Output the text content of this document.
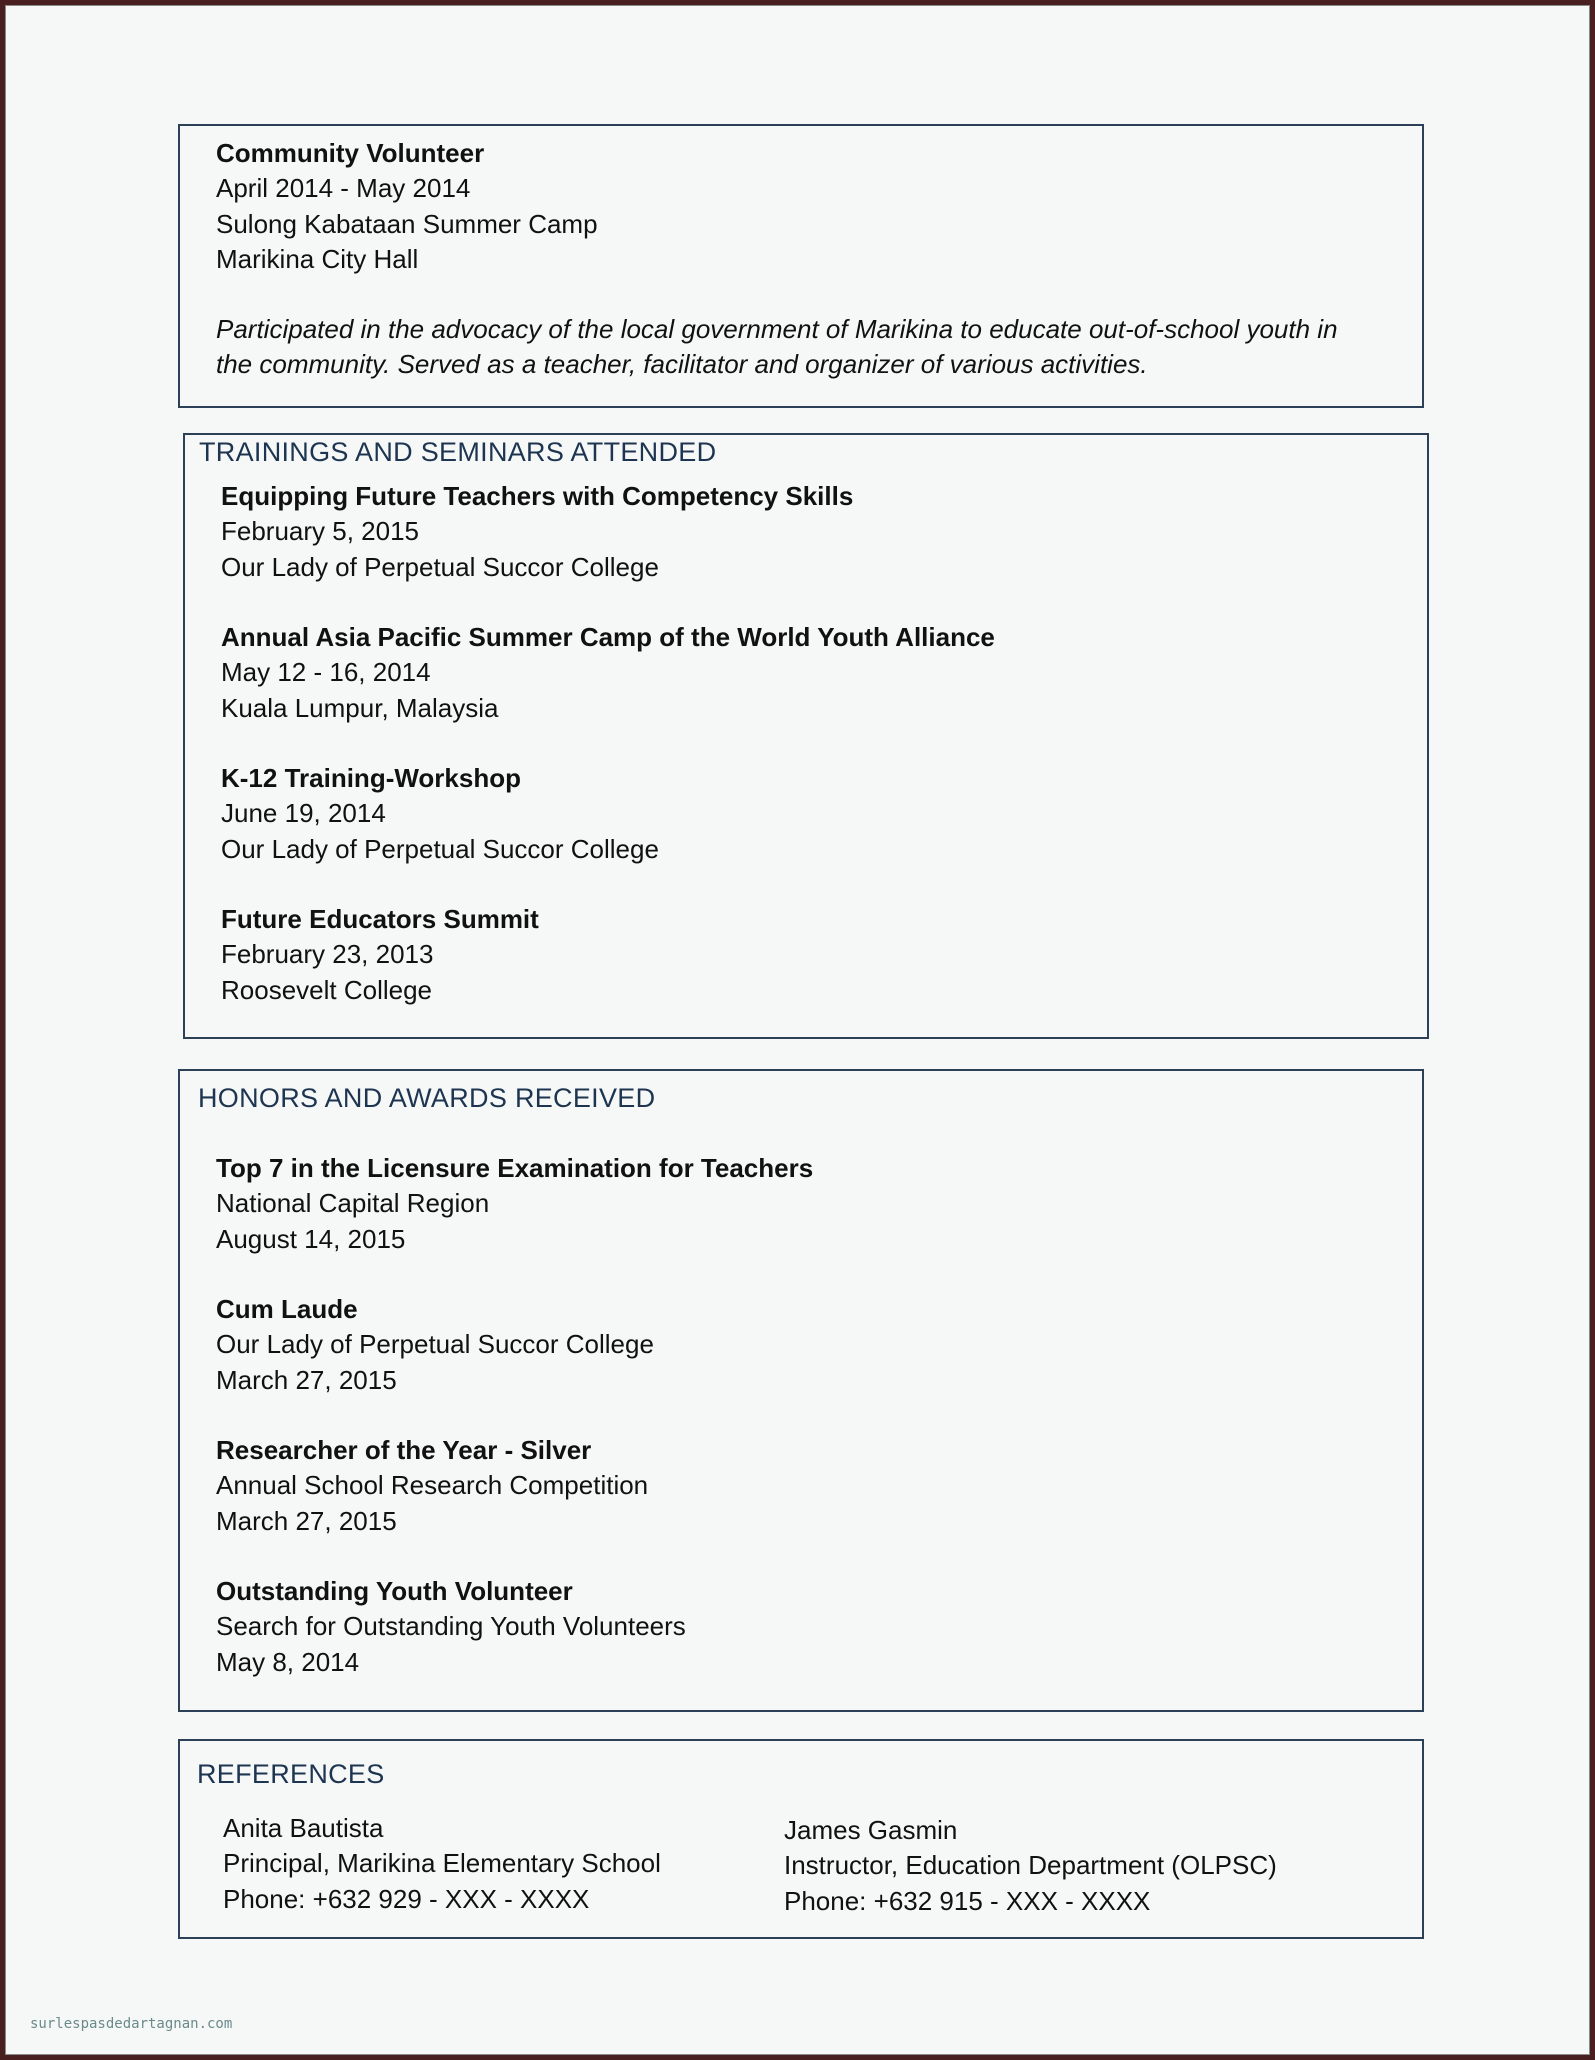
Community Volunteer
April 2014 - May 2014
Sulong Kabataan Summer Camp
Marikina City Hall
Participated in the advocacy of the local government of Marikina to educate out-of-school youth in the community. Served as a teacher, facilitator and organizer of various activities.
TRAININGS AND SEMINARS ATTENDED
Equipping Future Teachers with Competency Skills
February 5, 2015
Our Lady of Perpetual Succor College
Annual Asia Pacific Summer Camp of the World Youth Alliance
May 12 - 16, 2014
Kuala Lumpur, Malaysia
K-12 Training-Workshop
June 19, 2014
Our Lady of Perpetual Succor College
Future Educators Summit
February 23, 2013
Roosevelt College
HONORS AND AWARDS RECEIVED
Top 7 in the Licensure Examination for Teachers
National Capital Region
August 14, 2015
Cum Laude
Our Lady of Perpetual Succor College
March 27, 2015
Researcher of the Year - Silver
Annual School Research Competition
March 27, 2015
Outstanding Youth Volunteer
Search for Outstanding Youth Volunteers
May 8, 2014
REFERENCES
Anita Bautista
Principal, Marikina Elementary School
Phone: +632 929 - XXX - XXXX
James Gasmin
Instructor, Education Department (OLPSC)
Phone: +632 915 - XXX - XXXX
surlespasdedartagnan.com
